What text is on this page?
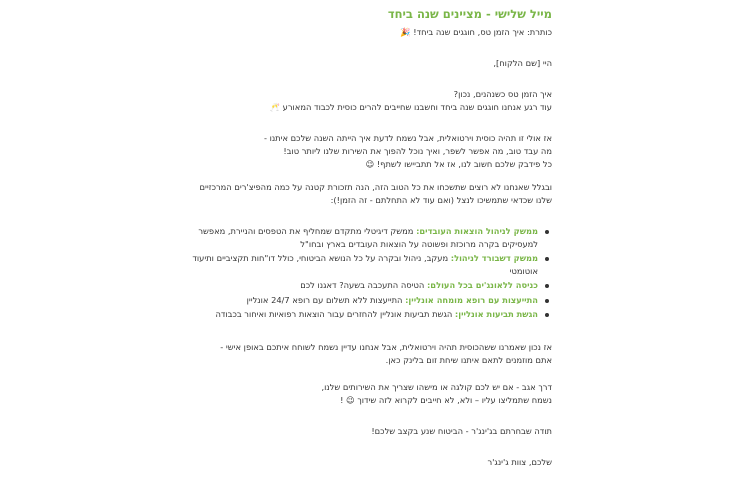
מייל שלישי - מציינים שנה ביחד

כותרת: איך הזמן טס, חוגגים שנה ביחד! 🎉

היי [שם הלקוח],

איך הזמן טס כשנהנים, נכון?

עוד רגע אנחנו חוגגים שנה ביחד וחשבנו שחייבים להרים כוסית לכבוד המאורע 🥂

אז אולי זו תהיה כוסית וירטואלית, אבל נשמח לדעת איך הייתה השנה שלכם איתנו -

מה עבד טוב, מה אפשר לשפר, ואיך נוכל להפוך את השירות שלנו ליותר טוב!

כל פידבק שלכם חשוב לנו, אז אל תתביישו לשתף! 😉

ובגלל שאנחנו לא רוצים שתשכחו את כל הטוב הזה, הנה תזכורת קטנה על כמה מהפיצ'רים המרכזיים

שלנו שכדאי שתמשיכו לנצל (ואם עוד לא התחלתם - זה הזמן!):

ממשק לניהול הוצאות העובדים: ממשק דיגיטלי מתקדם שמחליף את הטפסים והניירת, מאפשר למעסיקים בקרה מרוכזת ופשוטה על הוצאות העובדים בארץ ובחו"ל
ממשק דשבורד לניהול: מעקב, ניהול ובקרה על כל הנושא הביטוחי, כולל דו"חות תקציביים ותיעוד אוטומטי
כניסה ללאונג'ים בכל העולם: הטיסה התעכבה בשעה? דאגנו לכם
התייעצות עם רופא מומחה אונליין: התייעצות ללא תשלום עם רופא 24/7 אונליין
הגשת תביעות אונליין: הגשת תביעות אונליין להחזרים עבור הוצאות רפואיות ואיחור בכבודה

אז נכון שאמרנו ששהכוסית תהיה וירטואלית, אבל אנחנו עדיין נשמח לשוחח איתכם באופן אישי -

אתם מוזמנים לתאם איתנו שיחת זום בלינק כאן.

דרך אגב - אם יש לכם קולגה או מישהו שצריך את השירותים שלנו,

נשמח שתמליצו עליו – ולא, לא חייבים לקרוא לזה שידוך 😉 !

תודה שבחרתם בג'ינג'ר - הביטוח שנע בקצב שלכם!

שלכם, צוות ג'ינג'ר
